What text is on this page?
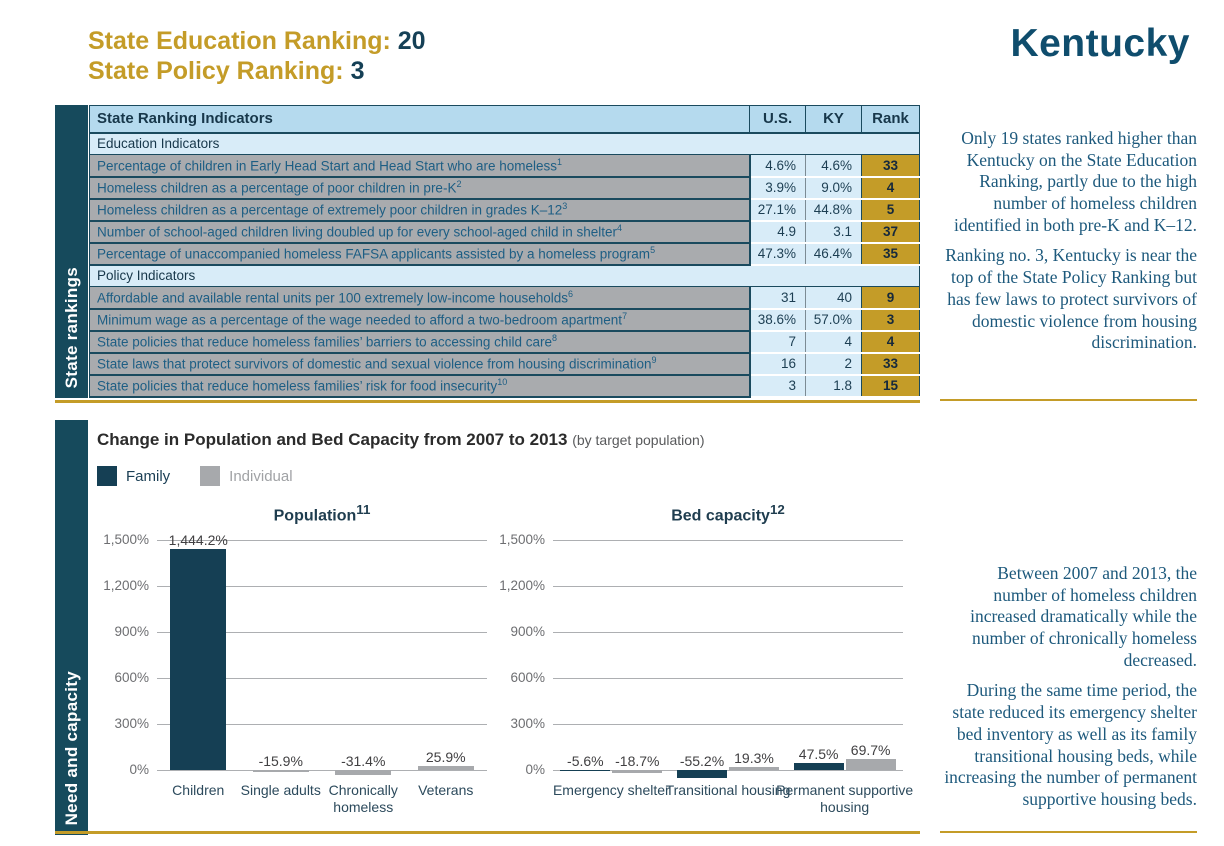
State Education Ranking: 20
State Policy Ranking: 3
Kentucky
State rankings
State Ranking Indicators	U.S.	KY	Rank
Education Indicators			
Percentage of children in Early Head Start and Head Start who are homeless$^1$	4.6%	4.6%	33
Homeless children as a percentage of poor children in pre-$K^2$	3.9%	9.0%	4
Homeless children as a percentage of extremely poor children in grades $K-12^3$	27.1%	44.8%	5
Number of school-aged children living doubled up for every school-aged child in shelter$^4$	4.9	3.1	37
Percentage of unaccompanied homeless FAFSA applicants assisted by a homeless program$^5$	47.3%	46.4%	35
Policy Indicators			
Affordable and available rental units per 100 extremely low-income households$^6$	31	40	9
Minimum wage as a percentage of the wage needed to afford a two-bedroom apartment$^7$	38.6%	57.0%	3
State policies that reduce homeless families’ barriers to accessing child care$^8$	7	4	4
State laws that protect survivors of domestic and sexual violence from housing discrimination$^9$	16	2	33
State policies that reduce homeless families’ risk for food insecurity$^{10}$	3	1.8	15

Only 19 states ranked higher than Kentucky on the State Education Ranking, partly due to the high number of homeless children identified in both pre-K and K–12.

Ranking no. 3, Kentucky is near the top of the State Policy Ranking but has few laws to protect survivors of domestic violence from housing discrimination.

Need and capacity
Change in Population and Bed Capacity from 2007 to 2013 (by target population)
Family	Individual
Population$^{11}$
1,500%
1,200%
900%
600%
300%
0%
1,444.2%
Children
-15.9%
Single adults
-31.4%
Chronically homeless
25.9%
Veterans
Bed capacity$^{12}$
1,500%
1,200%
900%
600%
300%
0%
-5.6% -18.7%
Emergency shelter
-55.2% 19.3%
Transitional housing
47.5% 69.7%
Permanent supportive housing

Between 2007 and 2013, the number of homeless children increased dramatically while the number of chronically homeless decreased.

During the same time period, the state reduced its emergency shelter bed inventory as well as its family transitional housing beds, while increasing the number of permanent supportive housing beds.
